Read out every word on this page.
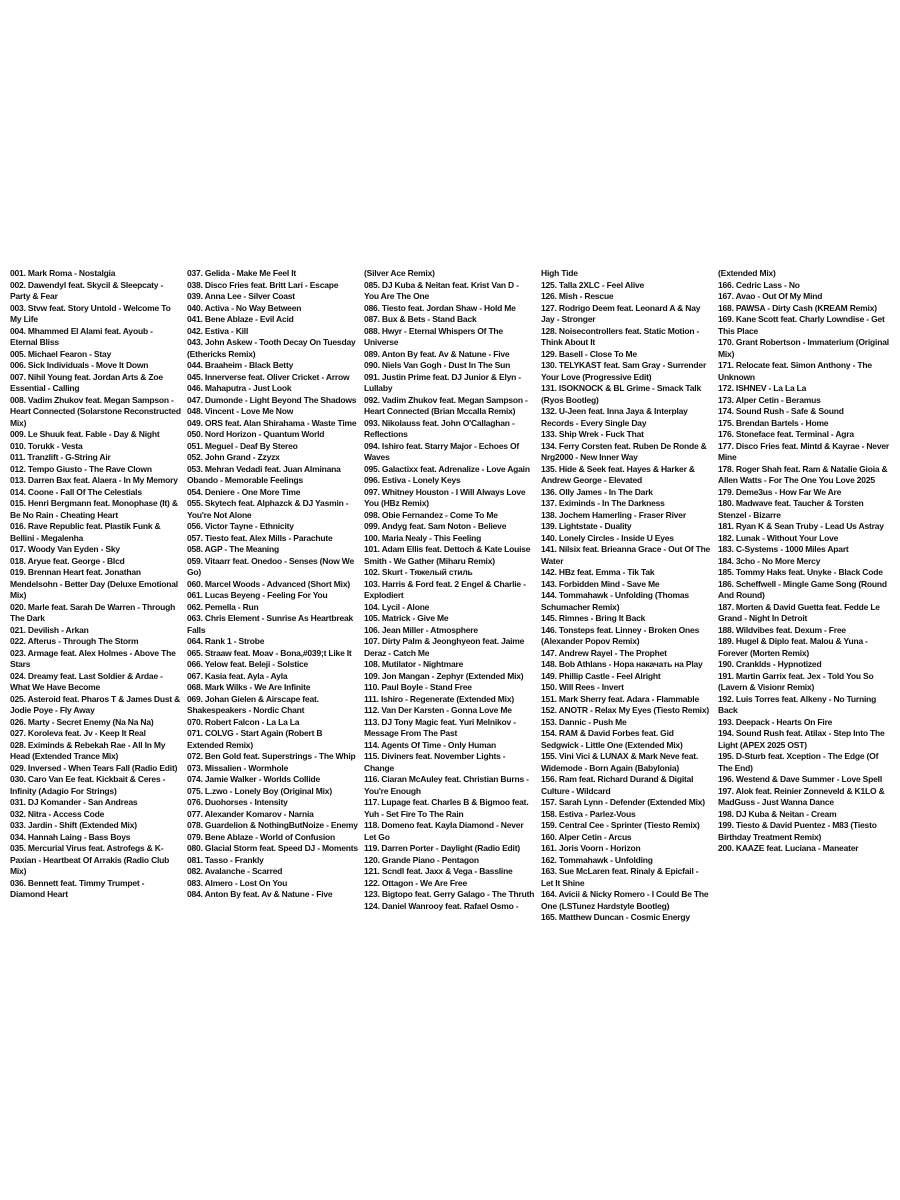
001. Mark Roma - Nostalgia

002. Dawendyl feat. Skycil & Sleepcaty - Party & Fear

003. Stvw feat. Story Untold - Welcome To My Life

004. Mhammed El Alami feat. Ayoub - Eternal Bliss

005. Michael Fearon - Stay

006. Sick Individuals - Move It Down

007. Nihil Young feat. Jordan Arts & Zoe Essential - Calling

008. Vadim Zhukov feat. Megan Sampson - Heart Connected (Solarstone Reconstructed Mix)

009. Le Shuuk feat. Fable - Day & Night

010. Torukk - Vesta

011. Tranzlift - G-String Air

012. Tempo Giusto - The Rave Clown

013. Darren Bax feat. Alaera - In My Memory

014. Coone - Fall Of The Celestials

015. Henri Bergmann feat. Monophase (It) & Be No Rain - Cheating Heart

016. Rave Republic feat. Plastik Funk & Bellini - Megalenha

017. Woody Van Eyden - Sky

018. Aryue feat. George - Blcd

019. Brennan Heart feat. Jonathan Mendelsohn - Better Day (Deluxe Emotional Mix)

020. Marle feat. Sarah De Warren - Through The Dark

021. Devilish - Arkan

022. Afterus - Through The Storm

023. Armage feat. Alex Holmes - Above The Stars

024. Dreamy feat. Last Soldier & Ardae - What We Have Become

025. Asteroid feat. Pharos T & James Dust & Jodie Poye - Fly Away

026. Marty - Secret Enemy (Na Na Na)

027. Koroleva feat. Jv - Keep It Real

028. Eximinds & Rebekah Rae - All In My Head (Extended Trance Mix)

029. Inversed - When Tears Fall (Radio Edit)

030. Caro Van Ee feat. Kickbait & Ceres - Infinity (Adagio For Strings)

031. DJ Komander - San Andreas

032. Nitra - Access Code

033. Jardin - Shift (Extended Mix)

034. Hannah Laing - Bass Boys

035. Mercurial Virus feat. Astrofegs & K-Paxian - Heartbeat Of Arrakis (Radio Club Mix)

036. Bennett feat. Timmy Trumpet - Diamond Heart

037. Gelida - Make Me Feel It

038. Disco Fries feat. Britt Lari - Escape

039. Anna Lee - Silver Coast

040. Activa - No Way Between

041. Bene Ablaze - Evil Acid

042. Estiva - Kill

043. John Askew - Tooth Decay On Tuesday (Ethericks Remix)

044. Braaheim - Black Betty

045. Innerverse feat. Oliver Cricket - Arrow

046. Mahaputra - Just Look

047. Dumonde - Light Beyond The Shadows

048. Vincent - Love Me Now

049. ORS feat. Alan Shirahama - Waste Time

050. Nord Horizon - Quantum World

051. Meguel - Deaf By Stereo

052. John Grand - Zzyzx

053. Mehran Vedadi feat. Juan Alminana Obando - Memorable Feelings

054. Deniere - One More Time

055. Skytech feat. Alphazck & DJ Yasmin - You're Not Alone

056. Victor Tayne - Ethnicity

057. Tiesto feat. Alex Mills - Parachute

058. AGP - The Meaning

059. Vitaarr feat. Onedoo - Senses (Now We Go)

060. Marcel Woods - Advanced (Short Mix)

061. Lucas Beyeng - Feeling For You

062. Pemella - Run

063. Chris Element - Sunrise As Heartbreak Falls

064. Rank 1 - Strobe

065. Straaw feat. Moav - Bona,#039;t Like It

066. Yelow feat. Beleji - Solstice

067. Kasia feat. Ayla - Ayla

068. Mark Wilks - We Are Infinite

069. Johan Gielen & Airscape feat. Shakespeakers - Nordic Chant

070. Robert Falcon - La La La

071. COLVG - Start Again (Robert B Extended Remix)

072. Ben Gold feat. Superstrings - The Whip

073. Missalien - Wormhole

074. Jamie Walker - Worlds Collide

075. L.zwo - Lonely Boy (Original Mix)

076. Duohorses - Intensity

077. Alexander Komarov - Narnia

078. Guardelion & NothingButNoize - Enemy

079. Bene Ablaze - World of Confusion

080. Glacial Storm feat. Speed DJ - Moments

081. Tasso - Frankly

082. Avalanche - Scarred

083. Almero - Lost On You

084. Anton By feat. Av & Natune - Five

(Silver Ace Remix)

085. DJ Kuba & Neitan feat. Krist Van D - You Are The One

086. Tiesto feat. Jordan Shaw - Hold Me

087. Bux & Bets - Stand Back

088. Hwyr - Eternal Whispers Of The Universe

089. Anton By feat. Av & Natune - Five

090. Niels Van Gogh - Dust In The Sun

091. Justin Prime feat. DJ Junior & Elyn - Lullaby

092. Vadim Zhukov feat. Megan Sampson - Heart Connected (Brian Mccalla Remix)

093. Nikolauss feat. John O'Callaghan - Reflections

094. Ishiro feat. Starry Major - Echoes Of Waves

095. Galactixx feat. Adrenalize - Love Again

096. Estiva - Lonely Keys

097. Whitney Houston - I Will Always Love You (HBz Remix)

098. Obie Fernandez - Come To Me

099. Andyg feat. Sam Noton - Believe

100. Maria Nealy - This Feeling

101. Adam Ellis feat. Dettoch & Kate Louise Smith - We Gather (Miharu Remix)

102. Skurt - Тяжелый стиль

103. Harris & Ford feat. 2 Engel & Charlie - Explodiert

104. Lycil - Alone

105. Matrick - Give Me

106. Jean Miller - Atmosphere

107. Dirty Palm & Jeonghyeon feat. Jaime Deraz - Catch Me

108. Mutilator - Nightmare

109. Jon Mangan - Zephyr (Extended Mix)

110. Paul Boyle - Stand Free

111. Ishiro - Regenerate (Extended Mix)

112. Van Der Karsten - Gonna Love Me

113. DJ Tony Magic feat. Yuri Melnikov - Message From The Past

114. Agents Of Time - Only Human

115. Diviners feat. November Lights - Change

116. Ciaran McAuley feat. Christian Burns - You're Enough

117. Lupage feat. Charles B & Bigmoo feat. Yuh - Set Fire To The Rain

118. Domeno feat. Kayla Diamond - Never Let Go

119. Darren Porter - Daylight (Radio Edit)

120. Grande Piano - Pentagon

121. Scndl feat. Jaxx & Vega - Bassline

122. Ottagon - We Are Free

123. Bigtopo feat. Gerry Galago - The Thruth

124. Daniel Wanrooy feat. Rafael Osmo -

High Tide

125. Talla 2XLC - Feel Alive

126. Mish - Rescue

127. Rodrigo Deem feat. Leonard A & Nay Jay - Stronger

128. Noisecontrollers feat. Static Motion - Think About It

129. Basell - Close To Me

130. TELYKAST feat. Sam Gray - Surrender Your Love (Progressive Edit)

131. ISOKNOCK & BL Grime - Smack Talk (Ryos Bootleg)

132. U-Jeen feat. Inna Jaya & Interplay Records - Every Single Day

133. Ship Wrek - Fuck That

134. Ferry Corsten feat. Ruben De Ronde & Nrg2000 - New Inner Way

135. Hide & Seek feat. Hayes & Harker & Andrew George - Elevated

136. Olly James - In The Dark

137. Eximinds - In The Darkness

138. Jochem Hamerling - Fraser River

139. Lightstate - Duality

140. Lonely Circles - Inside U Eyes

141. Nilsix feat. Brieanna Grace - Out Of The Water

142. HBz feat. Emma - Tik Tak

143. Forbidden Mind - Save Me

144. Tommahawk - Unfolding (Thomas Schumacher Remix)

145. Rimnes - Bring It Back

146. Tonsteps feat. Linney - Broken Ones (Alexander Popov Remix)

147. Andrew Rayel - The Prophet

148. Bob Athlans - Нора накачать на Play

149. Phillip Castle - Feel Alright

150. Will Rees - Invert

151. Mark Sherry feat. Adara - Flammable

152. ANOTR - Relax My Eyes (Tiesto Remix)

153. Dannic - Push Me

154. RAM & David Forbes feat. Gid Sedgwick - Little One (Extended Mix)

155. Vini Vici & LUNAX & Mark Neve feat. Widemode - Born Again (Babylonia)

156. Ram feat. Richard Durand & Digital Culture - Wildcard

157. Sarah Lynn - Defender (Extended Mix)

158. Estiva - Parlez-Vous

159. Central Cee - Sprinter (Tiesto Remix)

160. Alper Cetin - Arcus

161. Joris Voorn - Horizon

162. Tommahawk - Unfolding

163. Sue McLaren feat. Rinaly & Epicfail - Let It Shine

164. Avicii & Nicky Romero - I Could Be The One (LSTunez Hardstyle Bootleg)

165. Matthew Duncan - Cosmic Energy

(Extended Mix)

166. Cedric Lass - No

167. Avao - Out Of My Mind

168. PAWSA - Dirty Cash (KREAM Remix)

169. Kane Scott feat. Charly Lowndise - Get This Place

170. Grant Robertson - Immaterium (Original Mix)

171. Relocate feat. Simon Anthony - The Unknown

172. ISHNEV - La La La

173. Alper Cetin - Beramus

174. Sound Rush - Safe & Sound

175. Brendan Bartels - Home

176. Stoneface feat. Terminal - Agra

177. Disco Fries feat. Mintd & Kayrae - Never Mine

178. Roger Shah feat. Ram & Natalie Gioia & Allen Watts - For The One You Love 2025

179. Deme3us - How Far We Are

180. Madwave feat. Taucher & Torsten Stenzel - Bizarre

181. Ryan K & Sean Truby - Lead Us Astray

182. Lunak - Without Your Love

183. C-Systems - 1000 Miles Apart

184. 3cho - No More Mercy

185. Tommy Haks feat. Unyke - Black Code

186. Scheffwell - Mingle Game Song (Round And Round)

187. Morten & David Guetta feat. Fedde Le Grand - Night In Detroit

188. Wildvibes feat. Dexum - Free

189. Hugel & Diplo feat. Malou & Yuna - Forever (Morten Remix)

190. Cranklds - Hypnotized

191. Martin Garrix feat. Jex - Told You So (Lavern & Visionr Remix)

192. Luis Torres feat. Alkeny - No Turning Back

193. Deepack - Hearts On Fire

194. Sound Rush feat. Atilax - Step Into The Light (APEX 2025 OST)

195. D-Sturb feat. Xception - The Edge (Of The End)

196. Westend & Dave Summer - Love Spell

197. Alok feat. Reinier Zonneveld & K1LO & MadGuss - Just Wanna Dance

198. DJ Kuba & Neitan - Cream

199. Tiesto & David Puentez - M83 (Tiesto Birthday Treatment Remix)

200. KAAZE feat. Luciana - Maneater
